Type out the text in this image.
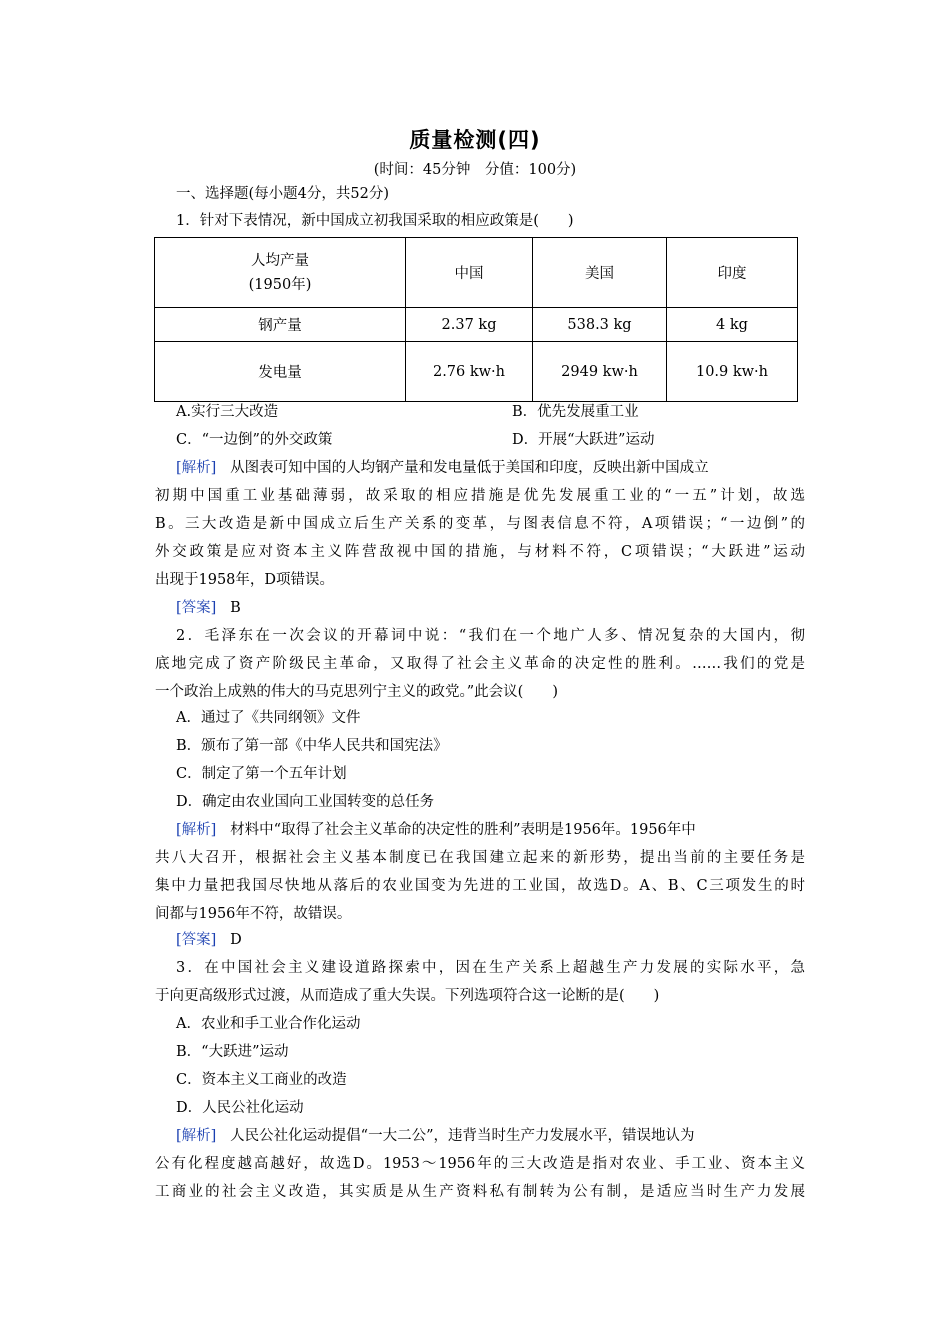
质量检测(四)
(时间：45分钟　分值：100分)
一、选择题(每小题4分，共52分)
1．针对下表情况，新中国成立初我国采取的相应政策是(　　)
人均产量
(1950年)	中国	美国	印度
钢产量	2.37 kg	538.3 kg	4 kg
发电量	2.76 kw·h	2949 kw·h	10.9 kw·h
A.实行三大改造	B．优先发展重工业
C．“一边倒”的外交政策	D．开展“大跃进”运动
[解析] 从图表可知中国的人均钢产量和发电量低于美国和印度，反映出新中国成立
初期中国重工业基础薄弱，故采取的相应措施是优先发展重工业的“一五”计划，故选
B。三大改造是新中国成立后生产关系的变革，与图表信息不符，A项错误；“一边倒”的
外交政策是应对资本主义阵营敌视中国的措施，与材料不符，C项错误；“大跃进”运动
出现于1958年，D项错误。
[答案] B
2．毛泽东在一次会议的开幕词中说：“我们在一个地广人多、情况复杂的大国内，彻
底地完成了资产阶级民主革命，又取得了社会主义革命的决定性的胜利。……我们的党是
一个政治上成熟的伟大的马克思列宁主义的政党。”此会议(　　)
A．通过了《共同纲领》文件
B．颁布了第一部《中华人民共和国宪法》
C．制定了第一个五年计划
D．确定由农业国向工业国转变的总任务
[解析] 材料中“取得了社会主义革命的决定性的胜利”表明是1956年。1956年中
共八大召开，根据社会主义基本制度已在我国建立起来的新形势，提出当前的主要任务是
集中力量把我国尽快地从落后的农业国变为先进的工业国，故选D。A、B、C三项发生的时
间都与1956年不符，故错误。
[答案] D
3．在中国社会主义建设道路探索中，因在生产关系上超越生产力发展的实际水平，急
于向更高级形式过渡，从而造成了重大失误。下列选项符合这一论断的是(　　)
A．农业和手工业合作化运动
B．“大跃进”运动
C．资本主义工商业的改造
D．人民公社化运动
[解析] 人民公社化运动提倡“一大二公”，违背当时生产力发展水平，错误地认为
公有化程度越高越好，故选D。1953～1956年的三大改造是指对农业、手工业、资本主义
工商业的社会主义改造，其实质是从生产资料私有制转为公有制，是适应当时生产力发展
